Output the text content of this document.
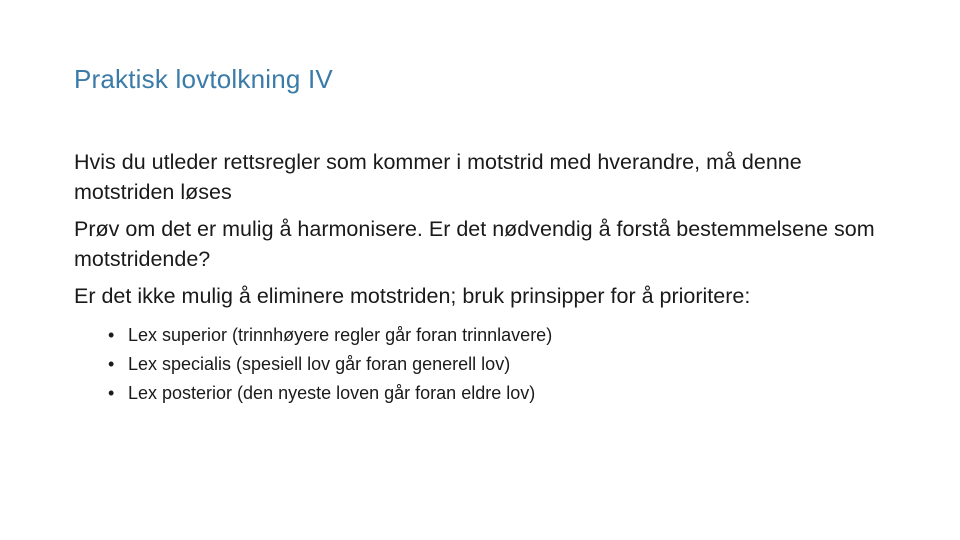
Praktisk lovtolkning IV

Hvis du utleder rettsregler som kommer i motstrid med hverandre, må denne motstriden løses

Prøv om det er mulig å harmonisere. Er det nødvendig å forstå bestemmelsene som motstridende?

Er det ikke mulig å eliminere motstriden; bruk prinsipper for å prioritere:

• Lex superior (trinnhøyere regler går foran trinnlavere)
• Lex specialis (spesiell lov går foran generell lov)
• Lex posterior (den nyeste loven går foran eldre lov)
